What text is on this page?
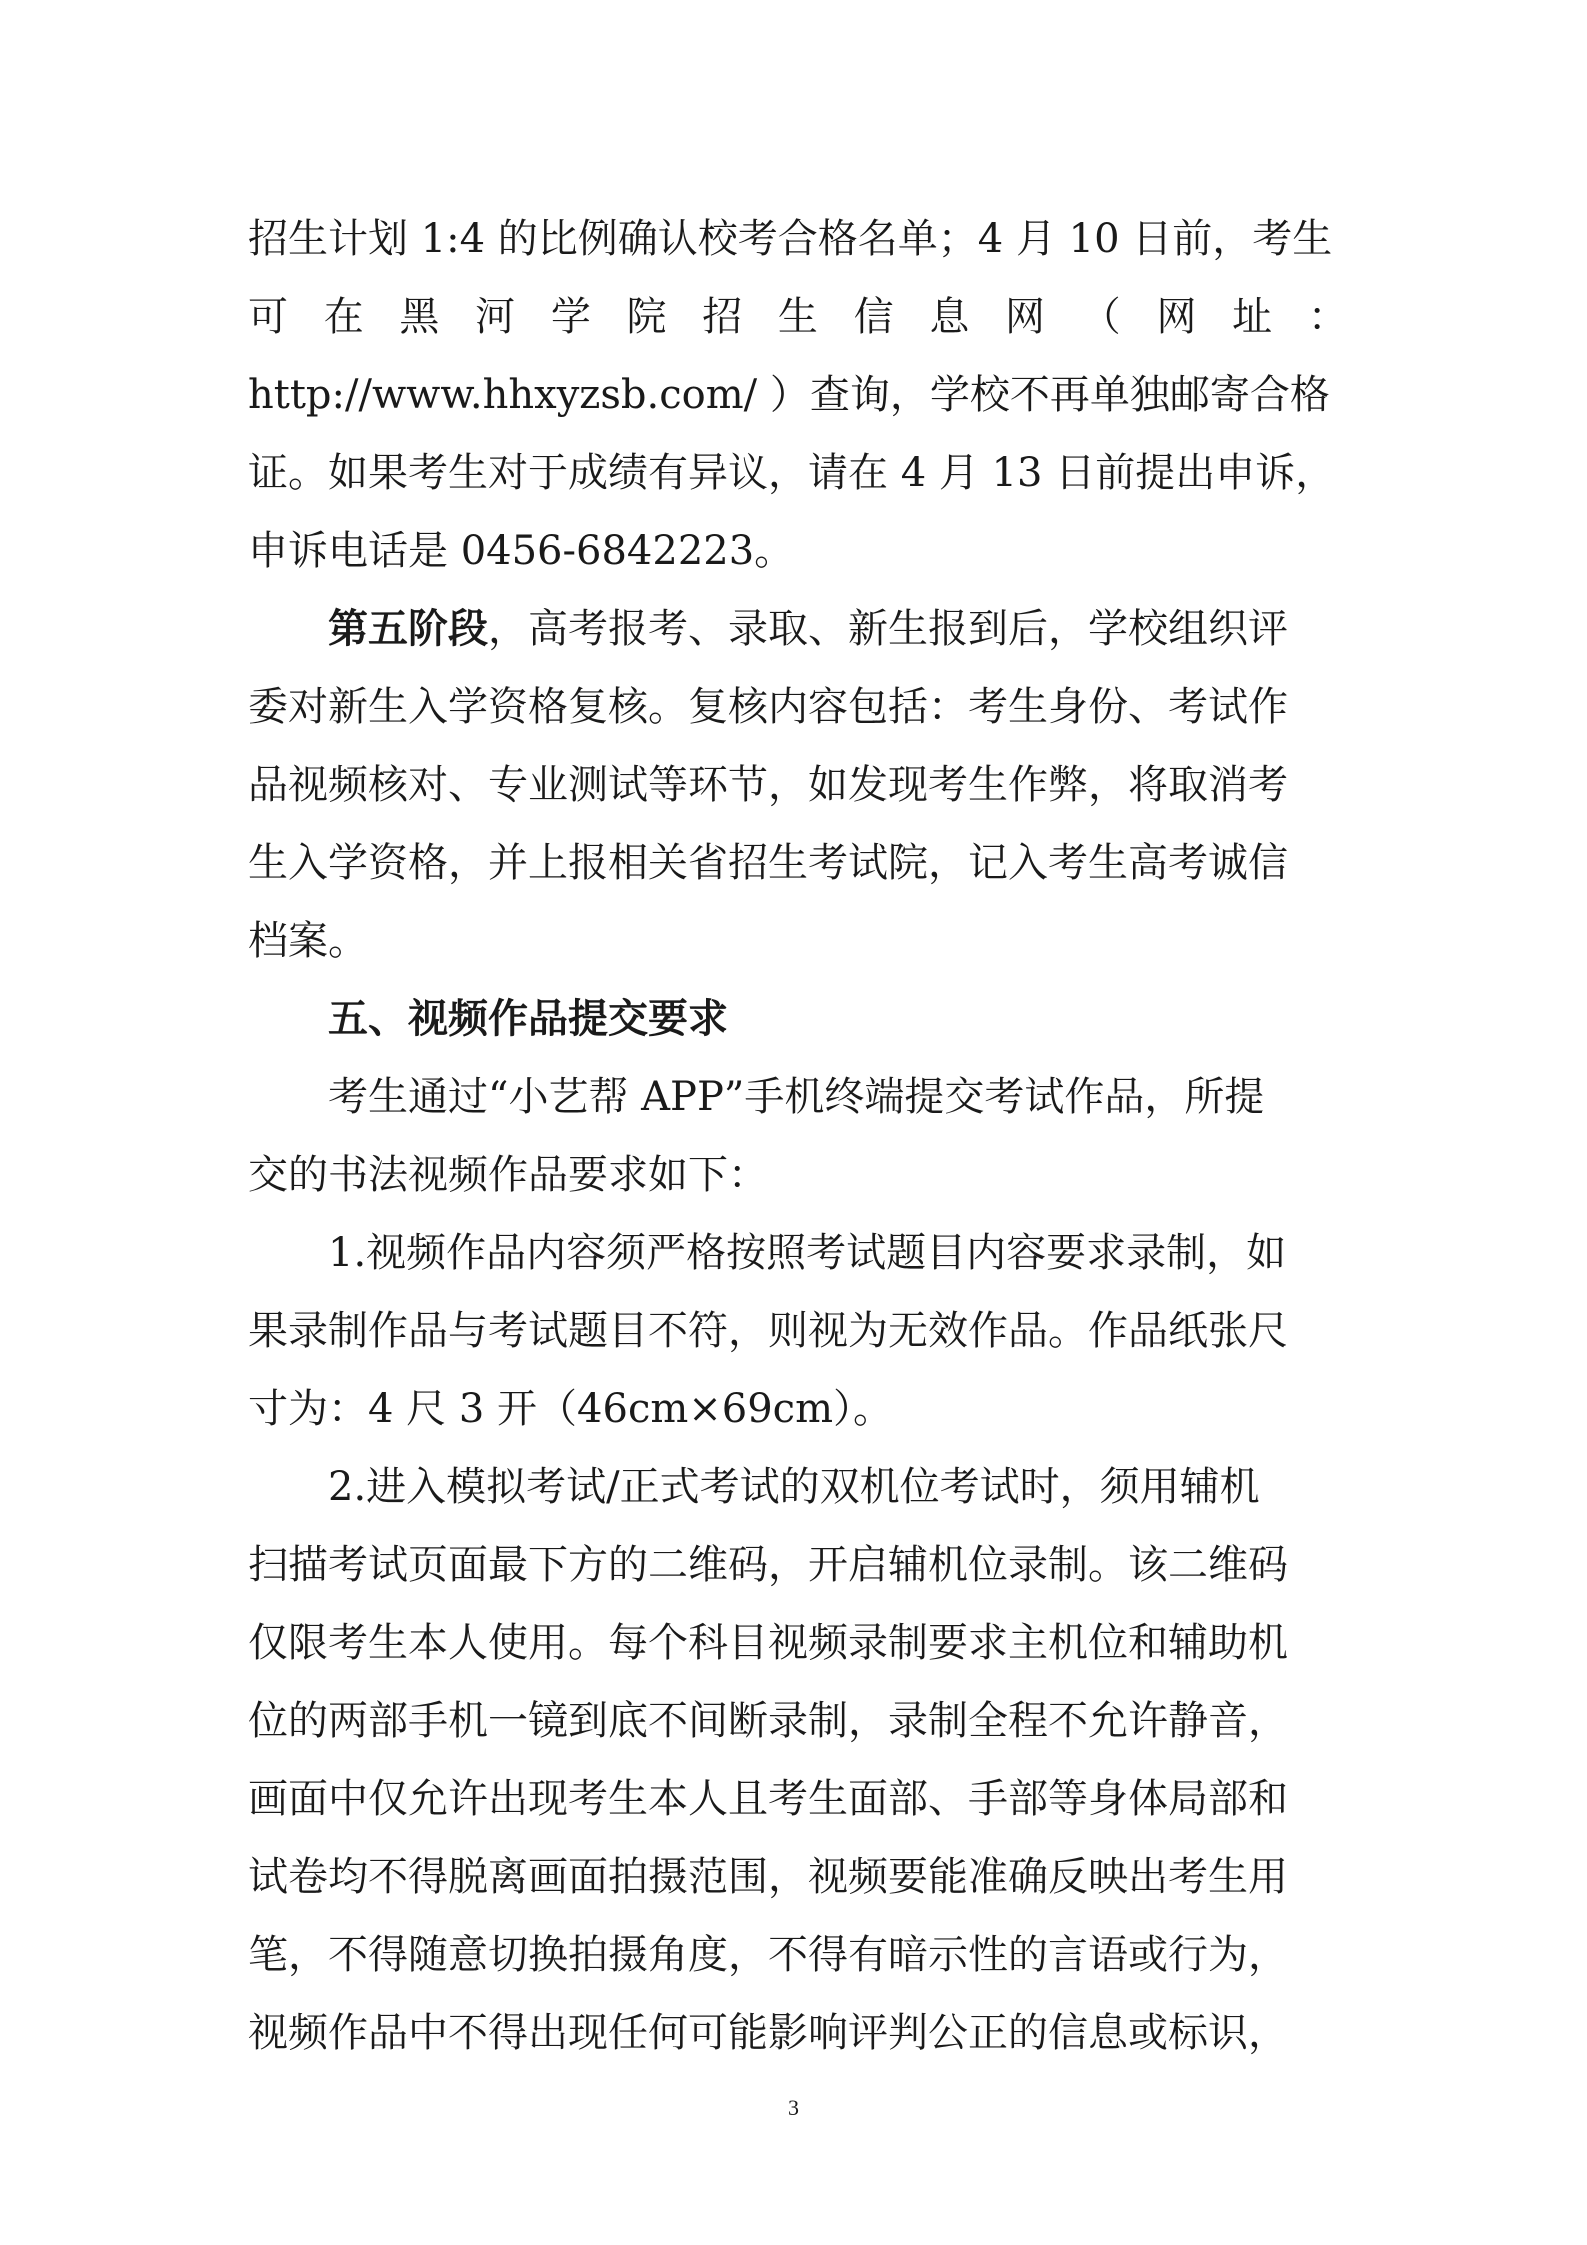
招生计划 1:4 的比例确认校考合格名单；4 月 10 日前，考生
可 在 黑 河 学 院 招 生 信 息 网 （ 网 址 ：
http://www.hhxyzsb.com/ ）查询，学校不再单独邮寄合格
证。如果考生对于成绩有异议，请在 4 月 13 日前提出申诉，
申诉电话是 0456-6842223。
第五阶段，高考报考、录取、新生报到后，学校组织评
委对新生入学资格复核。复核内容包括：考生身份、考试作
品视频核对、专业测试等环节，如发现考生作弊，将取消考
生入学资格，并上报相关省招生考试院，记入考生高考诚信
档案。
五、视频作品提交要求
考生通过“小艺帮 APP”手机终端提交考试作品，所提
交的书法视频作品要求如下：
1.视频作品内容须严格按照考试题目内容要求录制，如
果录制作品与考试题目不符，则视为无效作品。作品纸张尺
寸为：4 尺 3 开（46cm×69cm）。
2.进入模拟考试/正式考试的双机位考试时，须用辅机
扫描考试页面最下方的二维码，开启辅机位录制。该二维码
仅限考生本人使用。每个科目视频录制要求主机位和辅助机
位的两部手机一镜到底不间断录制，录制全程不允许静音，
画面中仅允许出现考生本人且考生面部、手部等身体局部和
试卷均不得脱离画面拍摄范围，视频要能准确反映出考生用
笔，不得随意切换拍摄角度，不得有暗示性的言语或行为，
视频作品中不得出现任何可能影响评判公正的信息或标识，
3
